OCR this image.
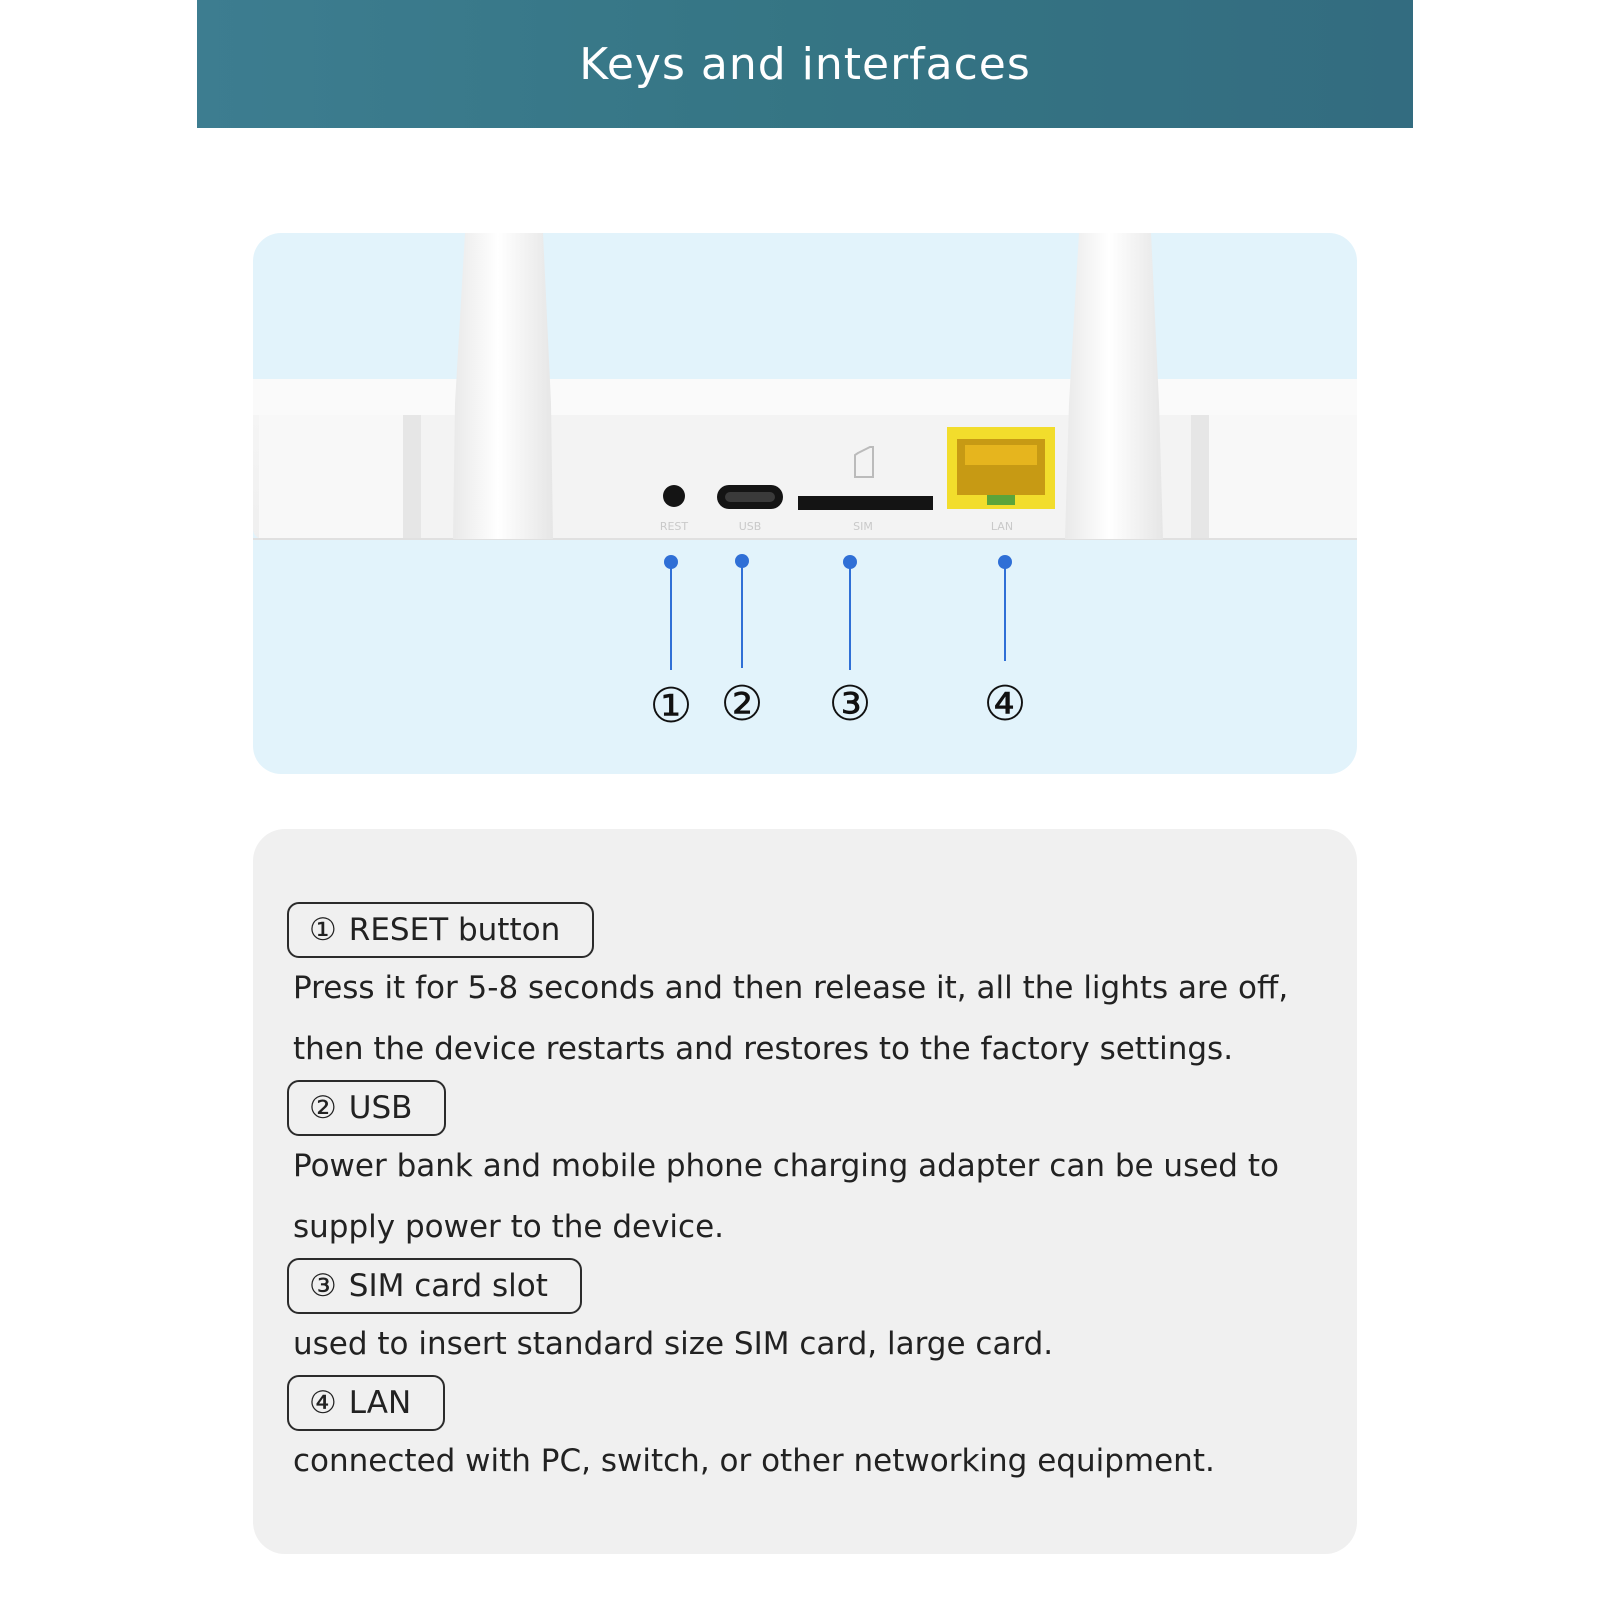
Keys and interfaces
REST	USB	SIM	LAN
① ② ③ ④
① RESET button

Press it for 5-8 seconds and then release it, all the lights are off,

then the device restarts and restores to the factory settings.

② USB

Power bank and mobile phone charging adapter can be used to

supply power to the device.

③ SIM card slot

used to insert standard size SIM card, large card.

④ LAN

connected with PC, switch, or other networking equipment.
